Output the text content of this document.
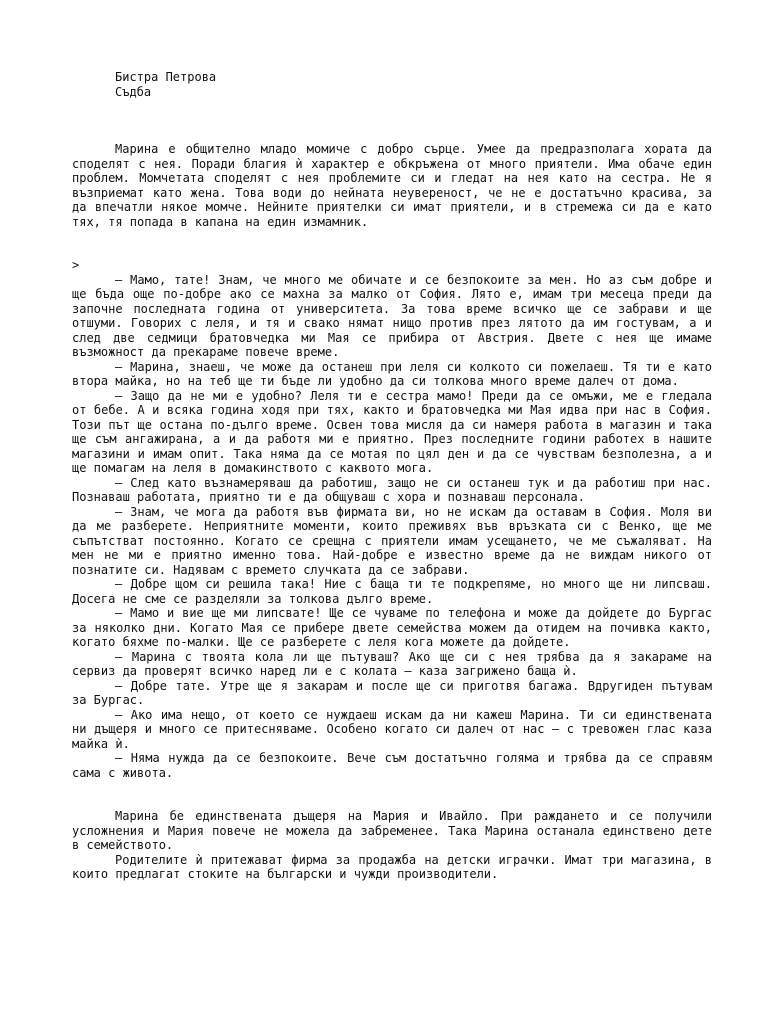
Бистра Петрова
Съдба

Марина е общително младо момиче с добро сърце. Умее да предразполага хората да споделят с нея. Поради благия ѝ характер е обкръжена от много приятели. Има обаче един проблем. Момчетата споделят с нея проблемите си и гледат на нея като на сестра. Не я възприемат като жена. Това води до нейната неувереност, че не е достатъчно красива, за да впечатли някое момче. Нейните приятелки си имат приятели, и в стремежа си да е като тях, тя попада в капана на един измамник.

>

— Мамо, тате! Знам, че много ме обичате и се безпокоите за мен. Но аз съм добре и ще бъда още по-добре ако се махна за малко от София. Лято е, имам три месеца преди да започне последната година от университета. За това време всичко ще се забрави и ще отшуми. Говорих с леля, и тя и свако нямат нищо против през лятото да им гостувам, а и след две седмици братовчедка ми Мая се прибира от Австрия. Двете с нея ще имаме възможност да прекараме повече време.

— Марина, знаеш, че може да останеш при леля си колкото си пожелаеш. Тя ти е като втора майка, но на теб ще ти бъде ли удобно да си толкова много време далеч от дома.

— Защо да не ми е удобно? Леля ти е сестра мамо! Преди да се омъжи, ме е гледала от бебе. А и всяка година ходя при тях, както и братовчедка ми Мая идва при нас в София. Този път ще остана по-дълго време. Освен това мисля да си намеря работа в магазин и така ще съм ангажирана, а и да работя ми е приятно. През последните години работех в нашите магазини и имам опит. Така няма да се мотая по цял ден и да се чувствам безполезна, а и ще помагам на леля в домакинството с каквото мога.

— След като възнамеряваш да работиш, защо не си останеш тук и да работиш при нас. Познаваш работата, приятно ти е да общуваш с хора и познаваш персонала.

— Знам, че мога да работя във фирмата ви, но не искам да оставам в София. Моля ви да ме разберете. Неприятните моменти, които преживях във връзката си с Венко, ще ме съпътстват постоянно. Когато се срещна с приятели имам усещането, че ме съжаляват. На мен не ми е приятно именно това. Най-добре е известно време да не виждам никого от познатите си. Надявам с времето случката да се забрави.

— Добре щом си решила така! Ние с баща ти те подкрепяме, но много ще ни липсваш. Досега не сме се разделяли за толкова дълго време.

— Мамо и вие ще ми липсвате! Ще се чуваме по телефона и може да дойдете до Бургас за няколко дни. Когато Мая се прибере двете семейства можем да отидем на почивка както, когато бяхме по-малки. Ще се разберете с леля кога можете да дойдете.

— Марина с твоята кола ли ще пътуваш? Ако ще си с нея трябва да я закараме на сервиз да проверят всичко наред ли е с колата — каза загрижено баща ѝ.

— Добре тате. Утре ще я закарам и после ще си приготвя багажа. Вдругиден пътувам за Бургас.

— Ако има нещо, от което се нуждаеш искам да ни кажеш Марина. Ти си единствената ни дъщеря и много се притесняваме. Особено когато си далеч от нас — с тревожен глас каза майка ѝ.

— Няма нужда да се безпокоите. Вече съм достатъчно голяма и трябва да се справям сама с живота.

Марина бе единствената дъщеря на Мария и Ивайло. При раждането и се получили усложнения и Мария повече не можела да забременее. Така Марина останала единствено дете в семейството.

Родителите ѝ притежават фирма за продажба на детски играчки. Имат три магазина, в които предлагат стоките на български и чужди производители.
